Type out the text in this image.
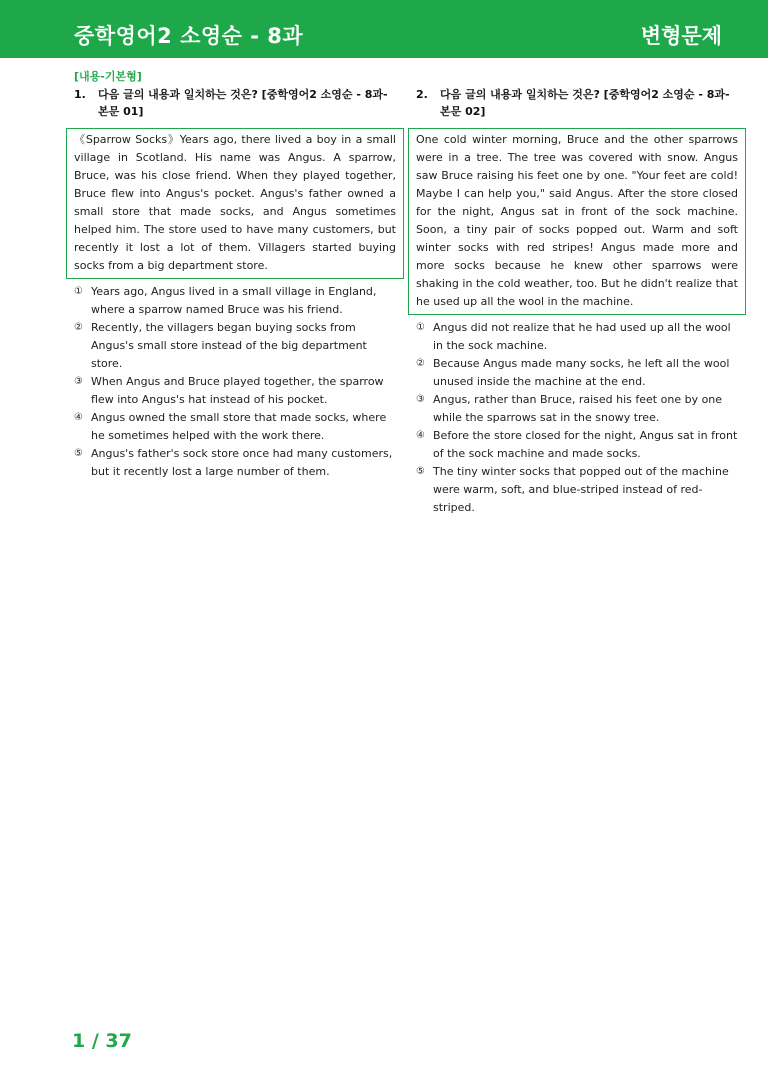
중학영어2 소영순 - 8과	변형문제
[내용-기본형]
1. 다음 글의 내용과 일치하는 것은? [중학영어2 소영순 - 8과-본문 01]
《Sparrow Socks》Years ago, there lived a boy in a small village in Scotland. His name was Angus. A sparrow, Bruce, was his close friend. When they played together, Bruce flew into Angus's pocket. Angus's father owned a small store that made socks, and Angus sometimes helped him. The store used to have many customers, but recently it lost a lot of them. Villagers started buying socks from a big department store.
① Years ago, Angus lived in a small village in England, where a sparrow named Bruce was his friend.
② Recently, the villagers began buying socks from Angus's small store instead of the big department store.
③ When Angus and Bruce played together, the sparrow flew into Angus's hat instead of his pocket.
④ Angus owned the small store that made socks, where he sometimes helped with the work there.
⑤ Angus's father's sock store once had many customers, but it recently lost a large number of them.
2. 다음 글의 내용과 일치하는 것은? [중학영어2 소영순 - 8과-본문 02]
One cold winter morning, Bruce and the other sparrows were in a tree. The tree was covered with snow. Angus saw Bruce raising his feet one by one. "Your feet are cold! Maybe I can help you," said Angus. After the store closed for the night, Angus sat in front of the sock machine. Soon, a tiny pair of socks popped out. Warm and soft winter socks with red stripes! Angus made more and more socks because he knew other sparrows were shaking in the cold weather, too. But he didn't realize that he used up all the wool in the machine.
① Angus did not realize that he had used up all the wool in the sock machine.
② Because Angus made many socks, he left all the wool unused inside the machine at the end.
③ Angus, rather than Bruce, raised his feet one by one while the sparrows sat in the snowy tree.
④ Before the store closed for the night, Angus sat in front of the sock machine and made socks.
⑤ The tiny winter socks that popped out of the machine were warm, soft, and blue-striped instead of red-striped.
1 / 37
